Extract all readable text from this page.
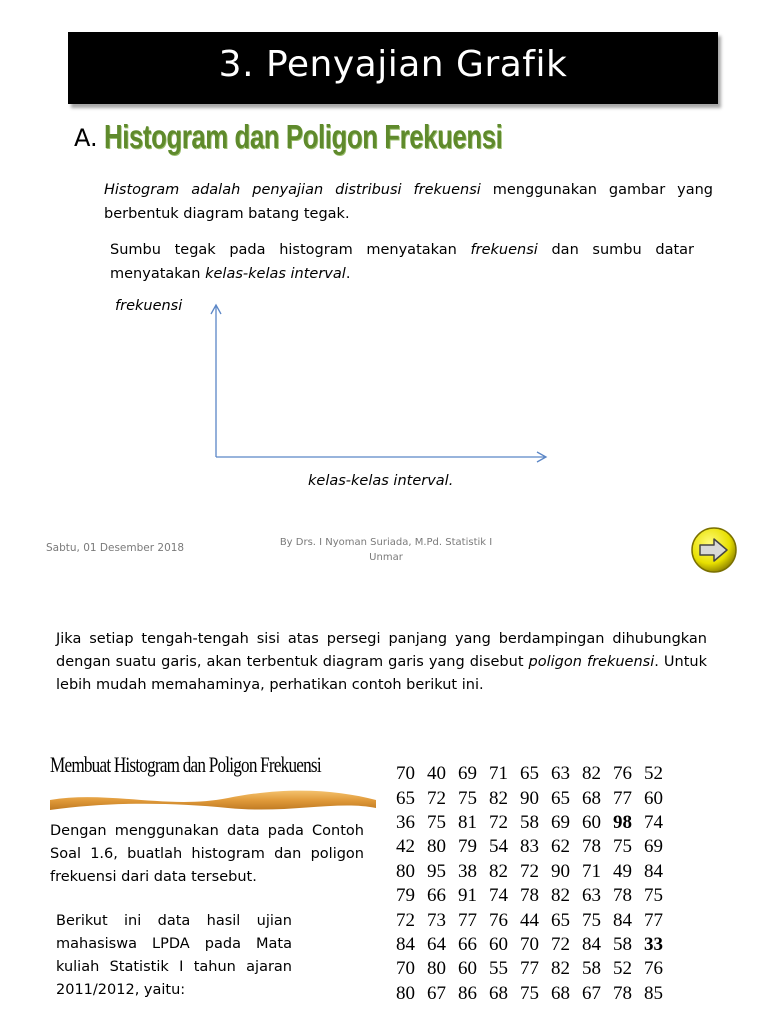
3. Penyajian Grafik
A. Histogram dan Poligon Frekuensi
Histogram adalah penyajian distribusi frekuensi menggunakan gambar yang berbentuk diagram batang tegak.
Sumbu tegak pada histogram menyatakan frekuensi dan sumbu datar menyatakan kelas-kelas interval.
frekuensi
kelas-kelas interval.
Sabtu, 01 Desember 2018	By Drs. I Nyoman Suriada, M.Pd. Statistik I
Unmar
Jika setiap tengah-tengah sisi atas persegi panjang yang berdampingan dihubungkan dengan suatu garis, akan terbentuk diagram garis yang disebut poligon frekuensi. Untuk lebih mudah memahaminya, perhatikan contoh berikut ini.
Membuat Histogram dan Poligon Frekuensi
Dengan menggunakan data pada Contoh Soal 1.6, buatlah histogram dan poligon frekuensi dari data tersebut.
Berikut ini data hasil ujian mahasiswa LPDA pada Mata kuliah Statistik I tahun ajaran 2011/2012, yaitu:
70	40	69	71	65	63	82	76	52
65	72	75	82	90	65	68	77	60
36	75	81	72	58	69	60	98	74
42	80	79	54	83	62	78	75	69
80	95	38	82	72	90	71	49	84
79	66	91	74	78	82	63	78	75
72	73	77	76	44	65	75	84	77
84	64	66	60	70	72	84	58	33
70	80	60	55	77	82	58	52	76
80	67	86	68	75	68	67	78	85
